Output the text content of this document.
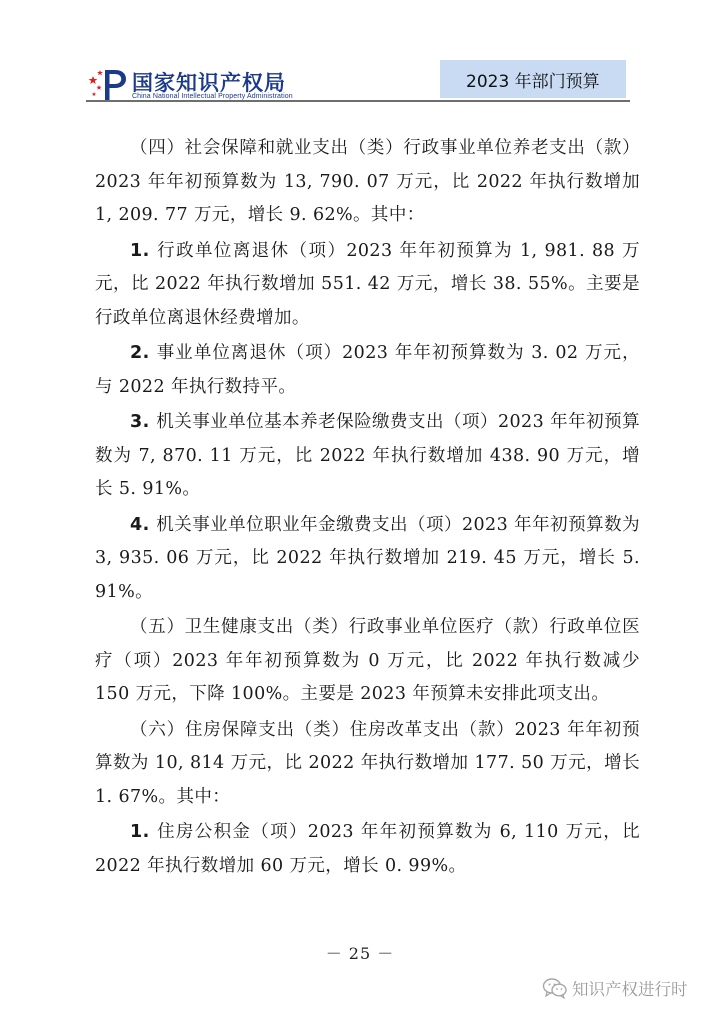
国家知识产权局
China National Intellectual Property Administration
2023 年部门预算

（四）社会保障和就业支出（类）行政事业单位养老支出（款）2023 年年初预算数为 13, 790. 07 万元，比 2022 年执行数增加 1, 209. 77 万元，增长 9. 62%。其中：

1. 行政单位离退休（项）2023 年年初预算为 1, 981. 88 万元，比 2022 年执行数增加 551. 42 万元，增长 38. 55%。主要是行政单位离退休经费增加。

2. 事业单位离退休（项）2023 年年初预算数为 3. 02 万元，与 2022 年执行数持平。

3. 机关事业单位基本养老保险缴费支出（项）2023 年年初预算数为 7, 870. 11 万元，比 2022 年执行数增加 438. 90 万元，增长 5. 91%。

4. 机关事业单位职业年金缴费支出（项）2023 年年初预算数为 3, 935. 06 万元，比 2022 年执行数增加 219. 45 万元，增长 5. 91%。

（五）卫生健康支出（类）行政事业单位医疗（款）行政单位医疗（项）2023 年年初预算数为 0 万元，比 2022 年执行数减少 150 万元，下降 100%。主要是 2023 年预算未安排此项支出。

（六）住房保障支出（类）住房改革支出（款）2023 年年初预算数为 10, 814 万元，比 2022 年执行数增加 177. 50 万元，增长 1. 67%。其中：

1. 住房公积金（项）2023 年年初预算数为 6, 110 万元，比 2022 年执行数增加 60 万元，增长 0. 99%。

－ 25 －
知识产权进行时
